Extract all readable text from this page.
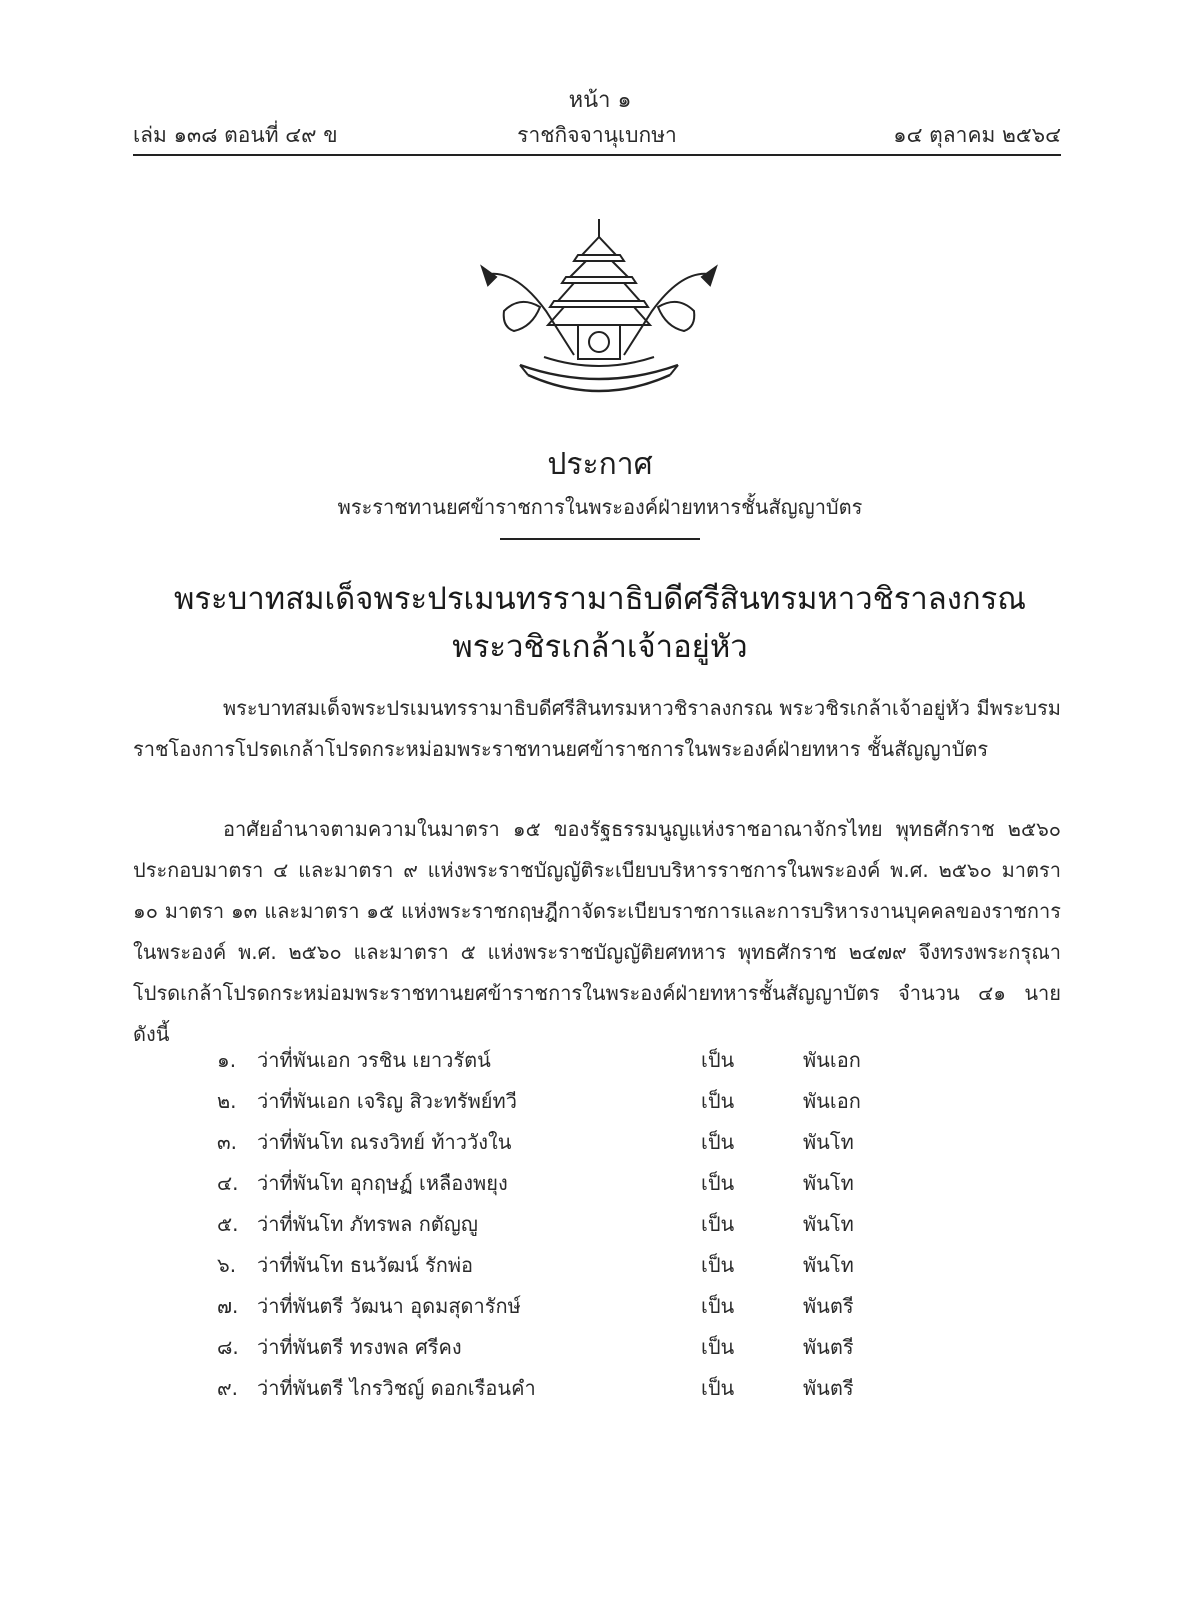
หน้า ๑
เล่ม ๑๓๘ ตอนที่ ๔๙ ข	ราชกิจจานุเบกษา	๑๔ ตุลาคม ๒๕๖๔
ประกาศ
พระราชทานยศข้าราชการในพระองค์ฝ่ายทหารชั้นสัญญาบัตร
พระบาทสมเด็จพระปรเมนทรรามาธิบดีศรีสินทรมหาวชิราลงกรณ
พระวชิรเกล้าเจ้าอยู่หัว
พระบาทสมเด็จพระปรเมนทรรามาธิบดีศรีสินทรมหาวชิราลงกรณ พระวชิรเกล้าเจ้าอยู่หัว มีพระบรมราชโองการโปรดเกล้าโปรดกระหม่อมพระราชทานยศข้าราชการในพระองค์ฝ่ายทหาร ชั้นสัญญาบัตร
อาศัยอำนาจตามความในมาตรา ๑๕ ของรัฐธรรมนูญแห่งราชอาณาจักรไทย พุทธศักราช ๒๕๖๐ ประกอบมาตรา ๔ และมาตรา ๙ แห่งพระราชบัญญัติระเบียบบริหารราชการในพระองค์ พ.ศ. ๒๕๖๐ มาตรา ๑๐ มาตรา ๑๓ และมาตรา ๑๕ แห่งพระราชกฤษฎีกาจัดระเบียบราชการและการบริหารงานบุคคลของราชการในพระองค์ พ.ศ. ๒๕๖๐ และมาตรา ๕ แห่งพระราชบัญญัติยศทหาร พุทธศักราช ๒๔๗๙ จึงทรงพระกรุณาโปรดเกล้าโปรดกระหม่อมพระราชทานยศข้าราชการในพระองค์ฝ่ายทหารชั้นสัญญาบัตร จำนวน ๔๑ นาย ดังนี้
๑.	ว่าที่พันเอก วรชิน เยาวรัตน์	เป็น	พันเอก
๒.	ว่าที่พันเอก เจริญ สิวะทรัพย์ทวี	เป็น	พันเอก
๓. ว่าที่พันโท ณรงวิทย์ ท้าววังใน	เป็น	พันโท
๔. ว่าที่พันโท อุกฤษฏ์ เหลืองพยุง	เป็น	พันโท
๕. ว่าที่พันโท ภัทรพล กตัญญู	เป็น	พันโท
๖.	ว่าที่พันโท ธนวัฒน์ รักพ่อ	เป็น	พันโท
๗. ว่าที่พันตรี วัฒนา อุดมสุดารักษ์	เป็น	พันตรี
๘. ว่าที่พันตรี ทรงพล ศรีคง	เป็น	พันตรี
๙. ว่าที่พันตรี ไกรวิชญ์ ดอกเรือนคำ	เป็น	พันตรี
